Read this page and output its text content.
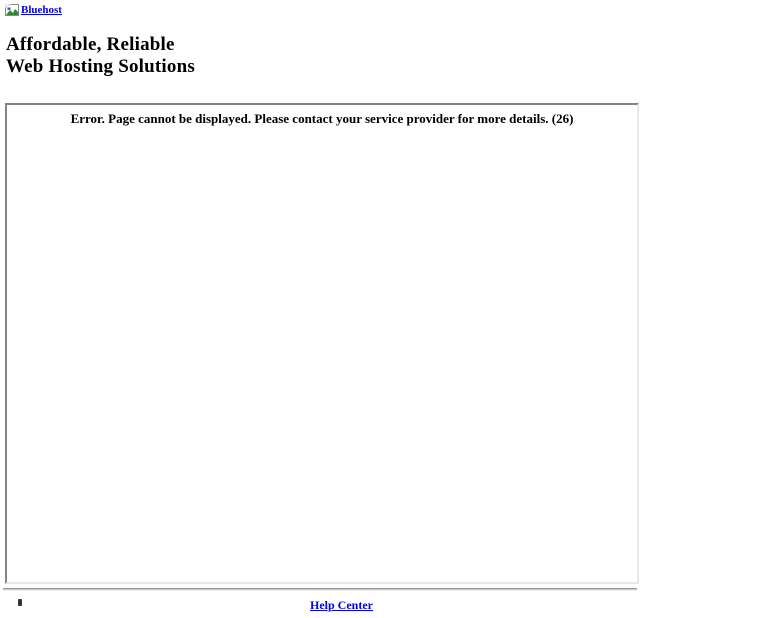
Bluehost
Affordable, Reliable
Web Hosting Solutions

Error. Page cannot be displayed. Please contact your service provider for more details. (26)

Help Center
